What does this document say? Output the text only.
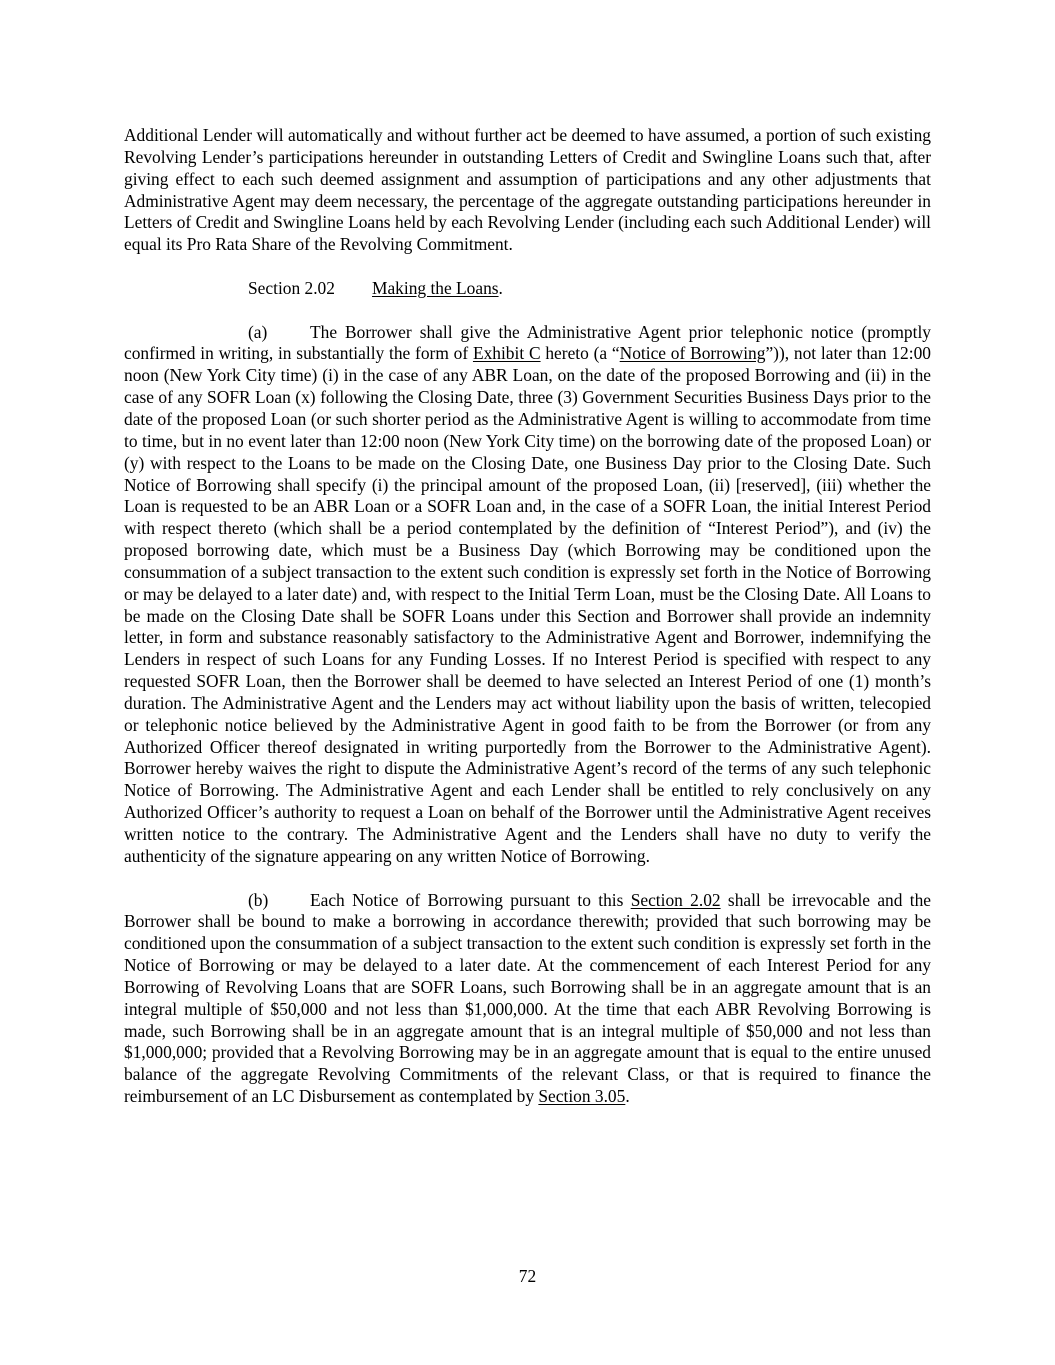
Additional Lender will automatically and without further act be deemed to have assumed, a portion of such existing Revolving Lender’s participations hereunder in outstanding Letters of Credit and Swingline Loans such that, after giving effect to each such deemed assignment and assumption of participations and any other adjustments that Administrative Agent may deem necessary, the percentage of the aggregate outstanding participations hereunder in Letters of Credit and Swingline Loans held by each Revolving Lender (including each such Additional Lender) will equal its Pro Rata Share of the Revolving Commitment.

Section 2.02 Making the Loans.

(a) The Borrower shall give the Administrative Agent prior telephonic notice (promptly confirmed in writing, in substantially the form of Exhibit C hereto (a “Notice of Borrowing”)), not later than 12:00 noon (New York City time) (i) in the case of any ABR Loan, on the date of the proposed Borrowing and (ii) in the case of any SOFR Loan (x) following the Closing Date, three (3) Government Securities Business Days prior to the date of the proposed Loan (or such shorter period as the Administrative Agent is willing to accommodate from time to time, but in no event later than 12:00 noon (New York City time) on the borrowing date of the proposed Loan) or (y) with respect to the Loans to be made on the Closing Date, one Business Day prior to the Closing Date. Such Notice of Borrowing shall specify (i) the principal amount of the proposed Loan, (ii) [reserved], (iii) whether the Loan is requested to be an ABR Loan or a SOFR Loan and, in the case of a SOFR Loan, the initial Interest Period with respect thereto (which shall be a period contemplated by the definition of “Interest Period”), and (iv) the proposed borrowing date, which must be a Business Day (which Borrowing may be conditioned upon the consummation of a subject transaction to the extent such condition is expressly set forth in the Notice of Borrowing or may be delayed to a later date) and, with respect to the Initial Term Loan, must be the Closing Date. All Loans to be made on the Closing Date shall be SOFR Loans under this Section and Borrower shall provide an indemnity letter, in form and substance reasonably satisfactory to the Administrative Agent and Borrower, indemnifying the Lenders in respect of such Loans for any Funding Losses. If no Interest Period is specified with respect to any requested SOFR Loan, then the Borrower shall be deemed to have selected an Interest Period of one (1) month’s duration. The Administrative Agent and the Lenders may act without liability upon the basis of written, telecopied or telephonic notice believed by the Administrative Agent in good faith to be from the Borrower (or from any Authorized Officer thereof designated in writing purportedly from the Borrower to the Administrative Agent). Borrower hereby waives the right to dispute the Administrative Agent’s record of the terms of any such telephonic Notice of Borrowing. The Administrative Agent and each Lender shall be entitled to rely conclusively on any Authorized Officer’s authority to request a Loan on behalf of the Borrower until the Administrative Agent receives written notice to the contrary. The Administrative Agent and the Lenders shall have no duty to verify the authenticity of the signature appearing on any written Notice of Borrowing.

(b) Each Notice of Borrowing pursuant to this Section 2.02 shall be irrevocable and the Borrower shall be bound to make a borrowing in accordance therewith; provided that such borrowing may be conditioned upon the consummation of a subject transaction to the extent such condition is expressly set forth in the Notice of Borrowing or may be delayed to a later date. At the commencement of each Interest Period for any Borrowing of Revolving Loans that are SOFR Loans, such Borrowing shall be in an aggregate amount that is an integral multiple of $50,000 and not less than $1,000,000. At the time that each ABR Revolving Borrowing is made, such Borrowing shall be in an aggregate amount that is an integral multiple of $50,000 and not less than $1,000,000; provided that a Revolving Borrowing may be in an aggregate amount that is equal to the entire unused balance of the aggregate Revolving Commitments of the relevant Class, or that is required to finance the reimbursement of an LC Disbursement as contemplated by Section 3.05.

72
